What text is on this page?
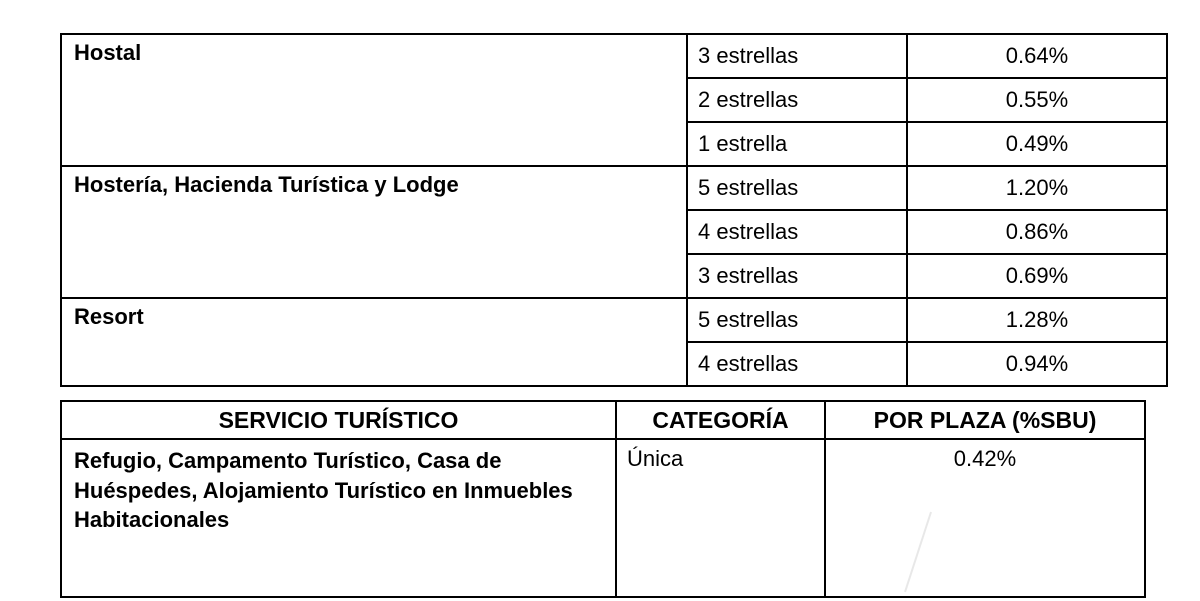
Hostal	3 estrellas	0.64%
	2 estrellas	0.55%
	1 estrella	0.49%
Hostería, Hacienda Turística y Lodge	5 estrellas	1.20%
	4 estrellas	0.86%
	3 estrellas	0.69%
Resort	5 estrellas	1.28%
	4 estrellas	0.94%
SERVICIO TURÍSTICO	CATEGORÍA	POR PLAZA (%SBU)
Refugio, Campamento Turístico, Casa de Huéspedes, Alojamiento Turístico en Inmuebles Habitacionales	Única	0.42%
